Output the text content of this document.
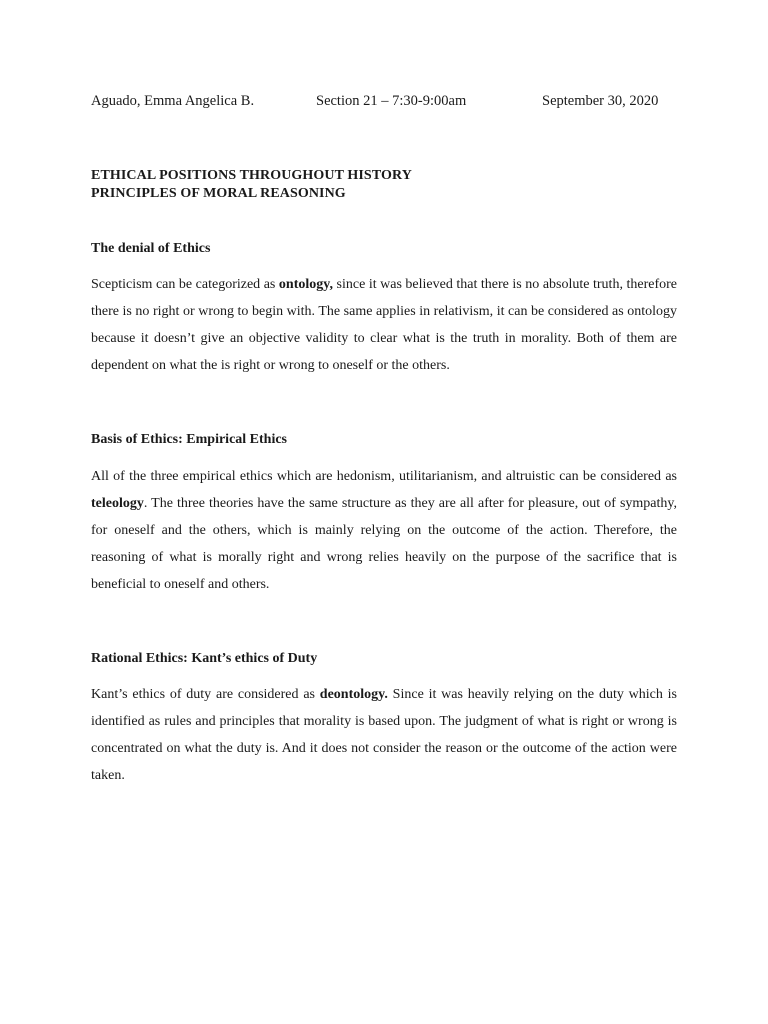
Aguado, Emma Angelica B.	Section 21 – 7:30-9:00am	September 30, 2020
ETHICAL POSITIONS THROUGHOUT HISTORY
PRINCIPLES OF MORAL REASONING
The denial of Ethics
Scepticism can be categorized as ontology, since it was believed that there is no absolute truth, therefore there is no right or wrong to begin with. The same applies in relativism, it can be considered as ontology because it doesn’t give an objective validity to clear what is the truth in morality. Both of them are dependent on what the is right or wrong to oneself or the others.
Basis of Ethics: Empirical Ethics
All of the three empirical ethics which are hedonism, utilitarianism, and altruistic can be considered as teleology. The three theories have the same structure as they are all after for pleasure, out of sympathy, for oneself and the others, which is mainly relying on the outcome of the action. Therefore, the reasoning of what is morally right and wrong relies heavily on the purpose of the sacrifice that is beneficial to oneself and others.
Rational Ethics: Kant’s ethics of Duty
Kant’s ethics of duty are considered as deontology. Since it was heavily relying on the duty which is identified as rules and principles that morality is based upon. The judgment of what is right or wrong is concentrated on what the duty is. And it does not consider the reason or the outcome of the action were taken.
